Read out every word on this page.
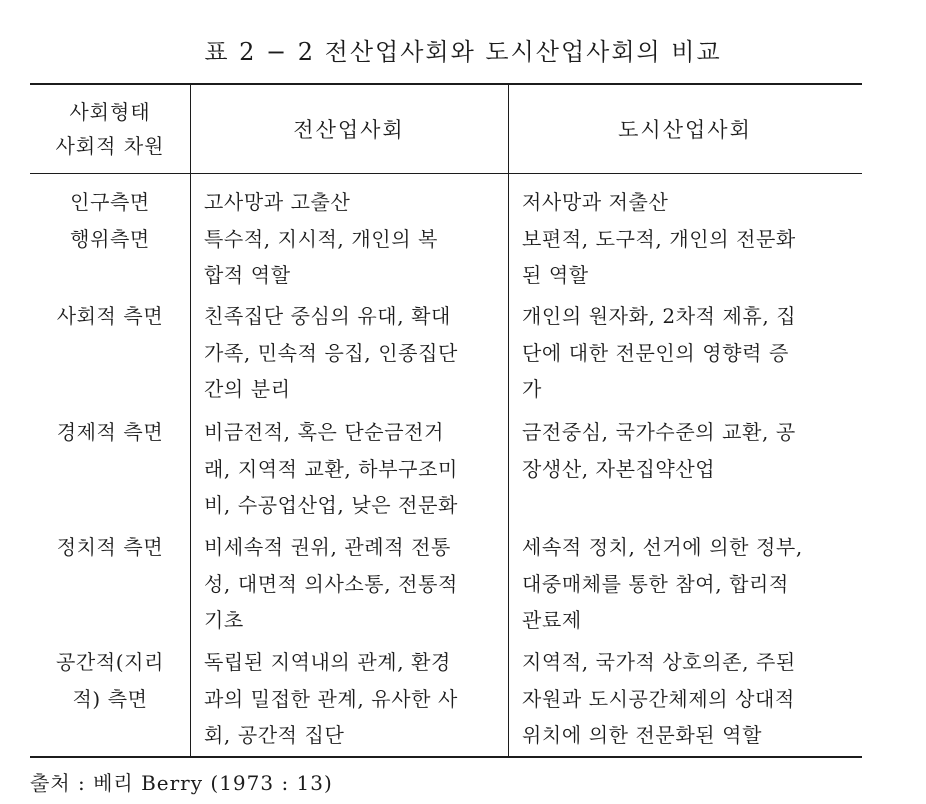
표 2 − 2 전산업사회와 도시산업사회의 비교
사회형태
사회적 차원
전산업사회	도시산업사회
인구측면
행위측면
사회적 측면
경제적 측면
정치적 측면
공간적(지리
적) 측면
고사망과 고출산
특수적, 지시적, 개인의 복
합적 역할
친족집단 중심의 유대, 확대
가족, 민속적 응집, 인종집단
간의 분리
비금전적, 혹은 단순금전거
래, 지역적 교환, 하부구조미
비, 수공업산업, 낮은 전문화
비세속적 권위, 관례적 전통
성, 대면적 의사소통, 전통적
기초
독립된 지역내의 관계, 환경
과의 밀접한 관계, 유사한 사
회, 공간적 집단
저사망과 저출산
보편적, 도구적, 개인의 전문화
된 역할
개인의 원자화, 2차적 제휴, 집
단에 대한 전문인의 영향력 증
가
금전중심, 국가수준의 교환, 공
장생산, 자본집약산업
세속적 정치, 선거에 의한 정부,
대중매체를 통한 참여, 합리적
관료제
지역적, 국가적 상호의존, 주된
자원과 도시공간체제의 상대적
위치에 의한 전문화된 역할
출처 : 베리 Berry (1973 : 13)
